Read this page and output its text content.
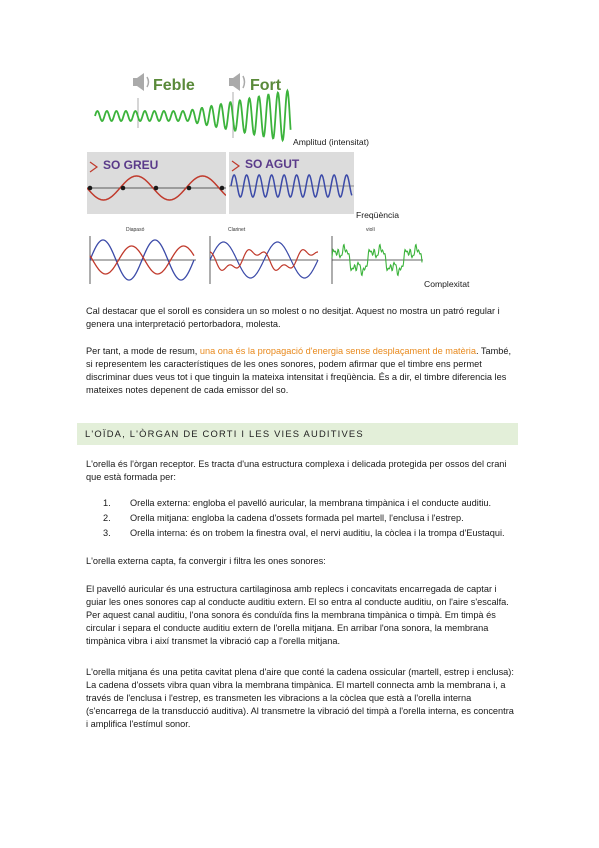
Feble	Fort
Amplitud (intensitat)
SO GREU	SO AGUT
Freqüència
Diapasó	Clarinet	violí
Complexitat
Cal destacar que el soroll es considera un so molest o no desitjat. Aquest no mostra un patró regular i genera una interpretació pertorbadora, molesta.
Per tant, a mode de resum, una ona és la propagació d'energia sense desplaçament de matèria. També, si representem les característiques de les ones sonores, podem afirmar que el timbre ens permet discriminar dues veus tot i que tinguin la mateixa intensitat i freqüència. És a dir, el timbre diferencia les mateixes notes depenent de cada emissor del so.
L'OÏDA, L'ÒRGAN DE CORTI I LES VIES AUDITIVES
L'orella és l'òrgan receptor. Es tracta d'una estructura complexa i delicada protegida per ossos del crani que està formada per:
1. Orella externa: engloba el pavelló auricular, la membrana timpànica i el conducte auditiu.
2. Orella mitjana: engloba la cadena d'ossets formada pel martell, l'enclusa i l'estrep.
3. Orella interna: és on trobem la finestra oval, el nervi auditiu, la còclea i la trompa d'Eustaqui.
L'orella externa capta, fa convergir i filtra les ones sonores:
El pavelló auricular és una estructura cartilaginosa amb replecs i concavitats encarregada de captar i guiar les ones sonores cap al conducte auditiu extern. El so entra al conducte auditiu, on l'aire s'escalfa. Per aquest canal auditiu, l'ona sonora és conduïda fins la membrana timpànica o timpà. Em timpà és circular i separa el conducte auditiu extern de l'orella mitjana. En arribar l'ona sonora, la membrana timpànica vibra i així transmet la vibració cap a l'orella mitjana.
L'orella mitjana és una petita cavitat plena d'aire que conté la cadena ossicular (martell, estrep i enclusa): La cadena d'ossets vibra quan vibra la membrana timpànica. El martell connecta amb la membrana i, a través de l'enclusa i l'estrep, es transmeten les vibracions a la còclea que està a l'orella interna (s'encarrega de la transducció auditiva). Al transmetre la vibració del timpà a l'orella interna, es concentra i amplifica l'estímul sonor.
